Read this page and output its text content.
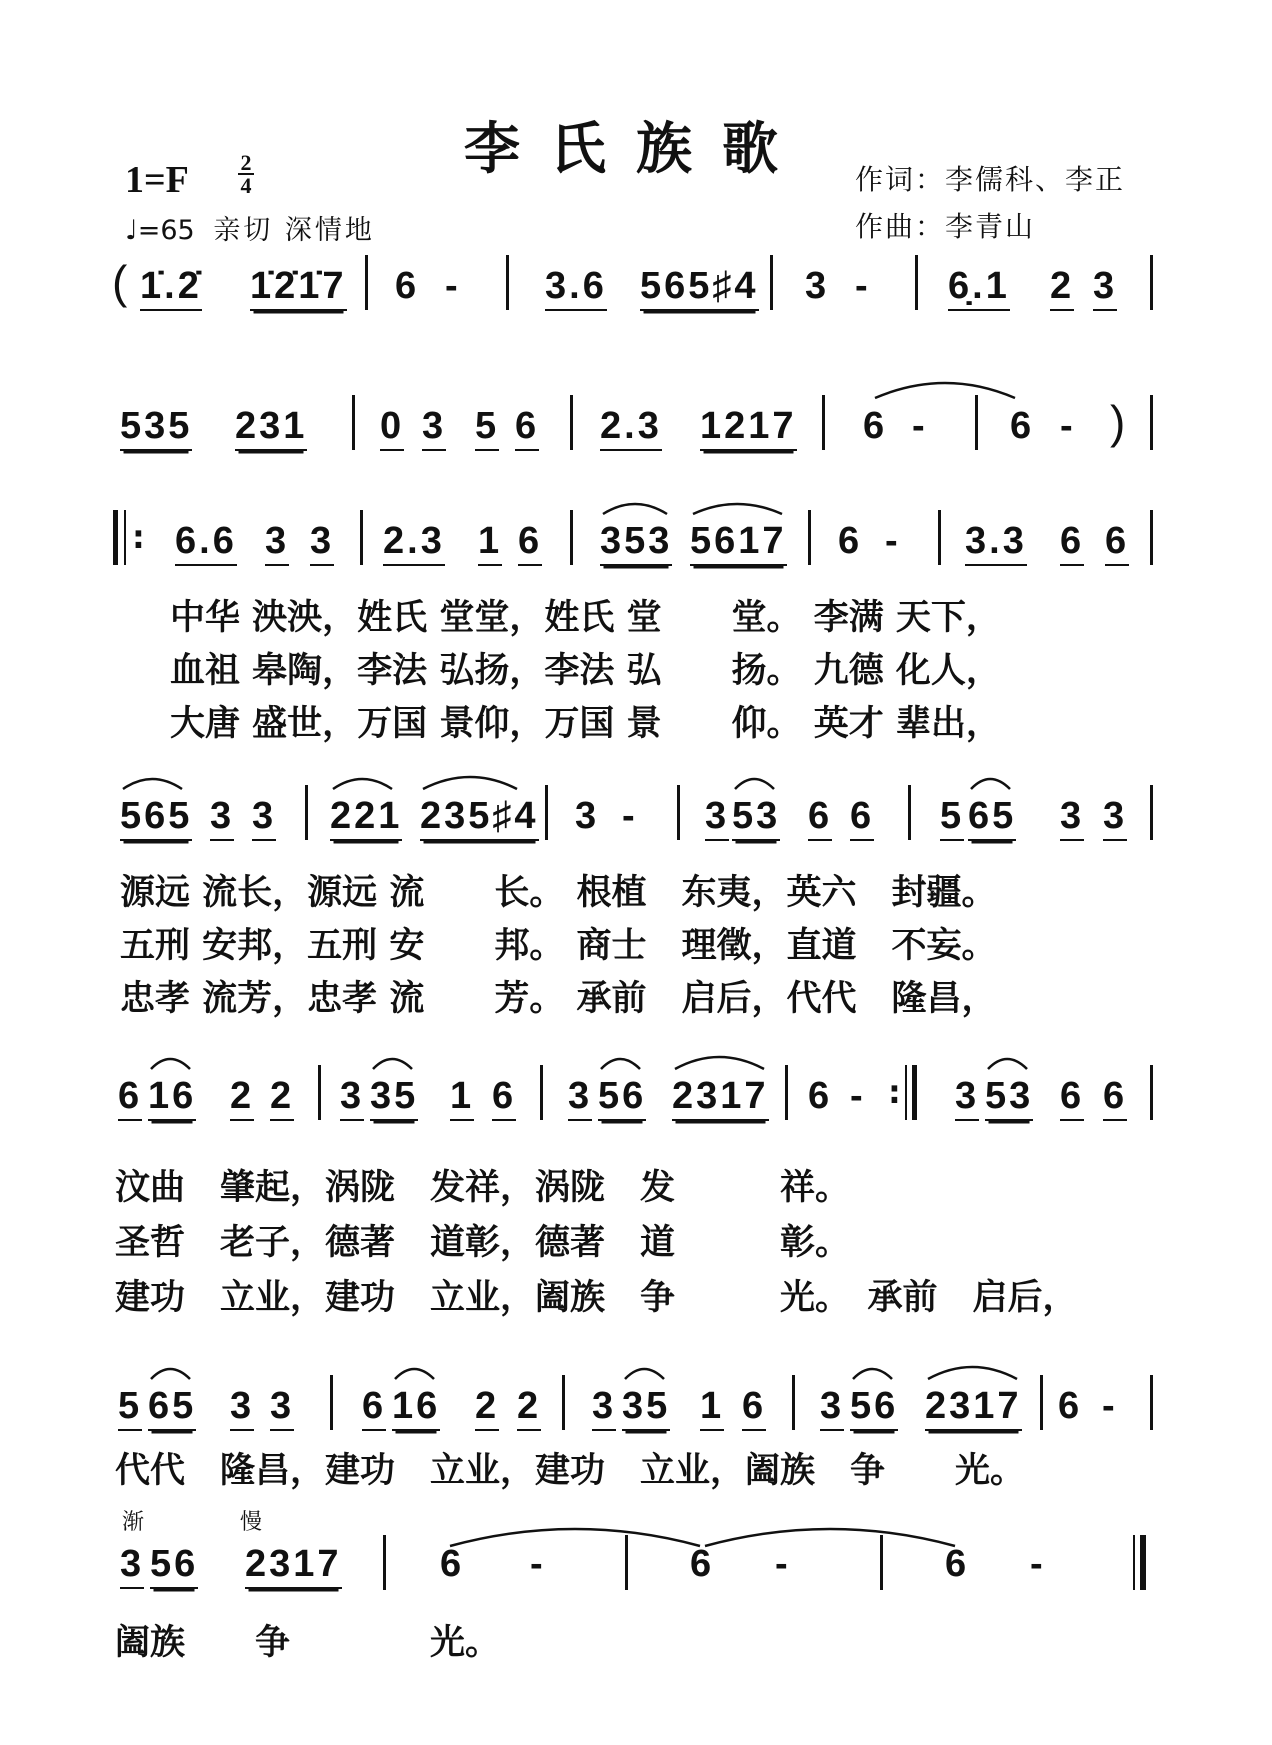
李氏族歌
1=F 2
4
♩=65 亲切 深情地
作词：李儒科、李正
作曲：李青山
( 1̇.2̇ 1̇2̇1̇7 6 - 3.6 565♯4 3 - 6̣.1 2 3
535 231 0 3 5 6 2.3 1217 6 - 6 - )
: 6.6 3 3 2.3 1 6 353 5617 6 - 3.3 6 6
中华 泱泱，姓氏 堂堂，姓氏 堂　　堂。 李满 天下，
血祖 皋陶，李法 弘扬，李法 弘　　扬。 九德 化人，
大唐 盛世，万国 景仰，万国 景　　仰。 英才 辈出，
565 3 3 221 235♯4 3 - 3 53 6 6 5 65 3 3
源远 流长，源远 流　　长。 根植　东夷，英六　封疆。
五刑 安邦，五刑 安　　邦。 商士　理徵，直道　不妄。
忠孝 流芳，忠孝 流　　芳。 承前　启后，代代　隆昌，
6 16 2 2 3 35 1 6 3 56 2317 6 - : 3 53 6 6
汶曲　肇起，涡陇　发祥，涡陇　发　　　祥。
圣哲　老子，德著　道彰，德著　道　　　彰。
建功　立业，建功　立业，阖族　争　　　光。　承前　启后，
5 65 3 3 6 16 2 2 3 35 1 6 3 56 2317 6 -
代代　隆昌，建功　立业，建功　立业，阖族　争　　光。
渐	慢
3 56 2317	6 -	6 -	6 -
阖族　　争　　　　光。
